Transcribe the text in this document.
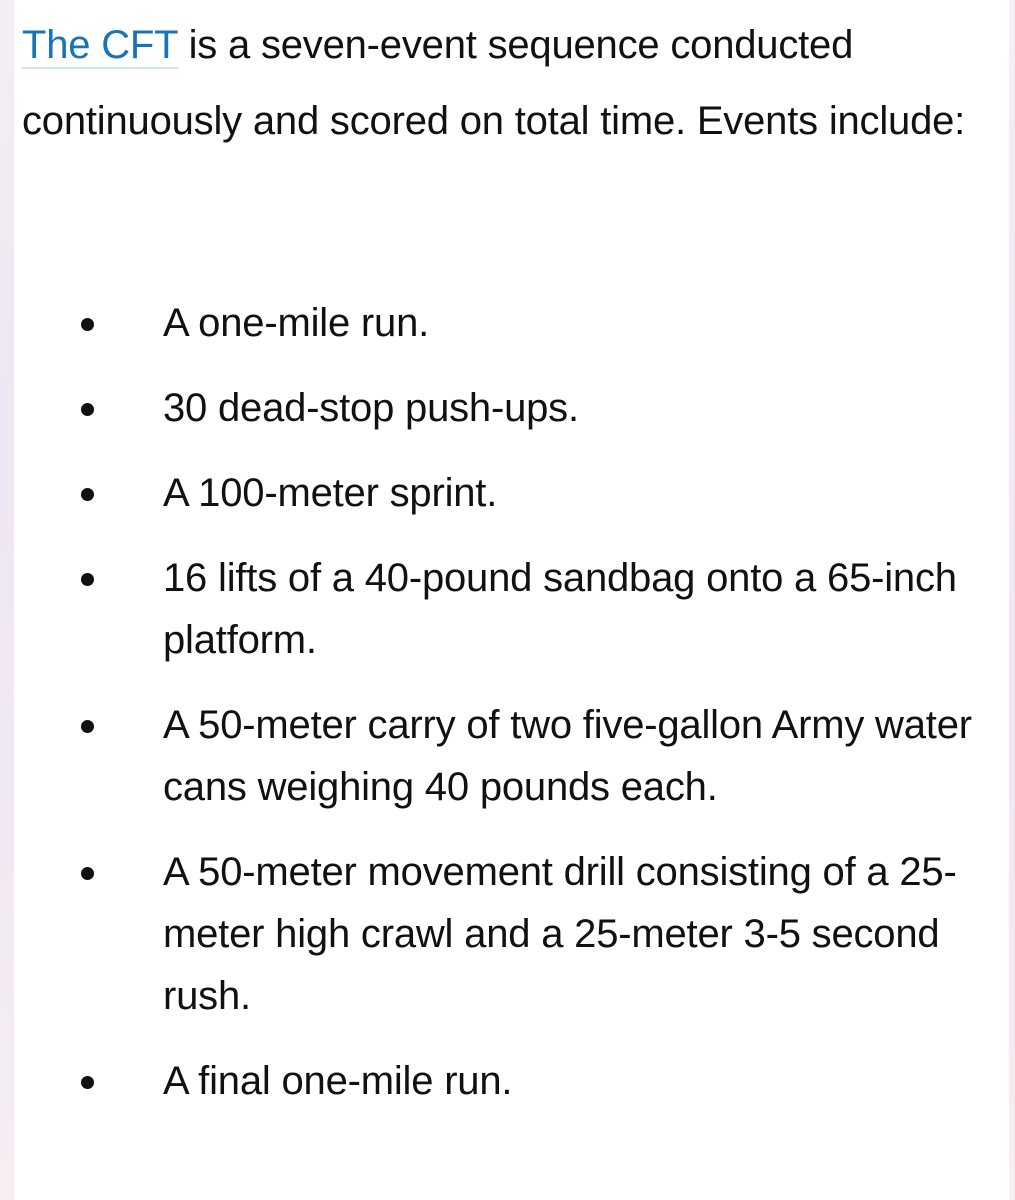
The CFT is a seven-event sequence conducted continuously and scored on total time. Events include:

A one-mile run.
30 dead-stop push-ups.
A 100-meter sprint.
16 lifts of a 40-pound sandbag onto a 65-inch platform.
A 50-meter carry of two five-gallon Army water cans weighing 40 pounds each.
A 50-meter movement drill consisting of a 25-meter high crawl and a 25-meter 3-5 second rush.
A final one-mile run.
